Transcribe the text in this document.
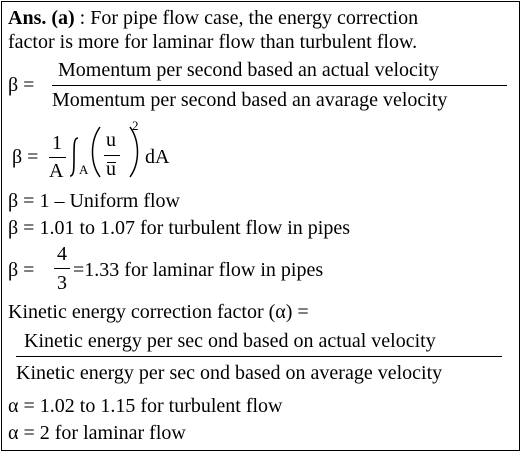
Ans. (a) : For pipe flow case, the energy correction
factor is more for laminar flow than turbulent flow.
β =
Momentum per second based an actual velocity
Momentum per second based an avarage velocity
β =
1
A A
u
u
2
dA
β = 1 – Uniform flow
β = 1.01 to 1.07 for turbulent flow in pipes
β =
4
3
=1.33 for laminar flow in pipes
Kinetic energy correction factor (α) =
Kinetic energy per sec ond based on actual velocity
Kinetic energy per sec ond based on average velocity
α = 1.02 to 1.15 for turbulent flow
α = 2 for laminar flow
